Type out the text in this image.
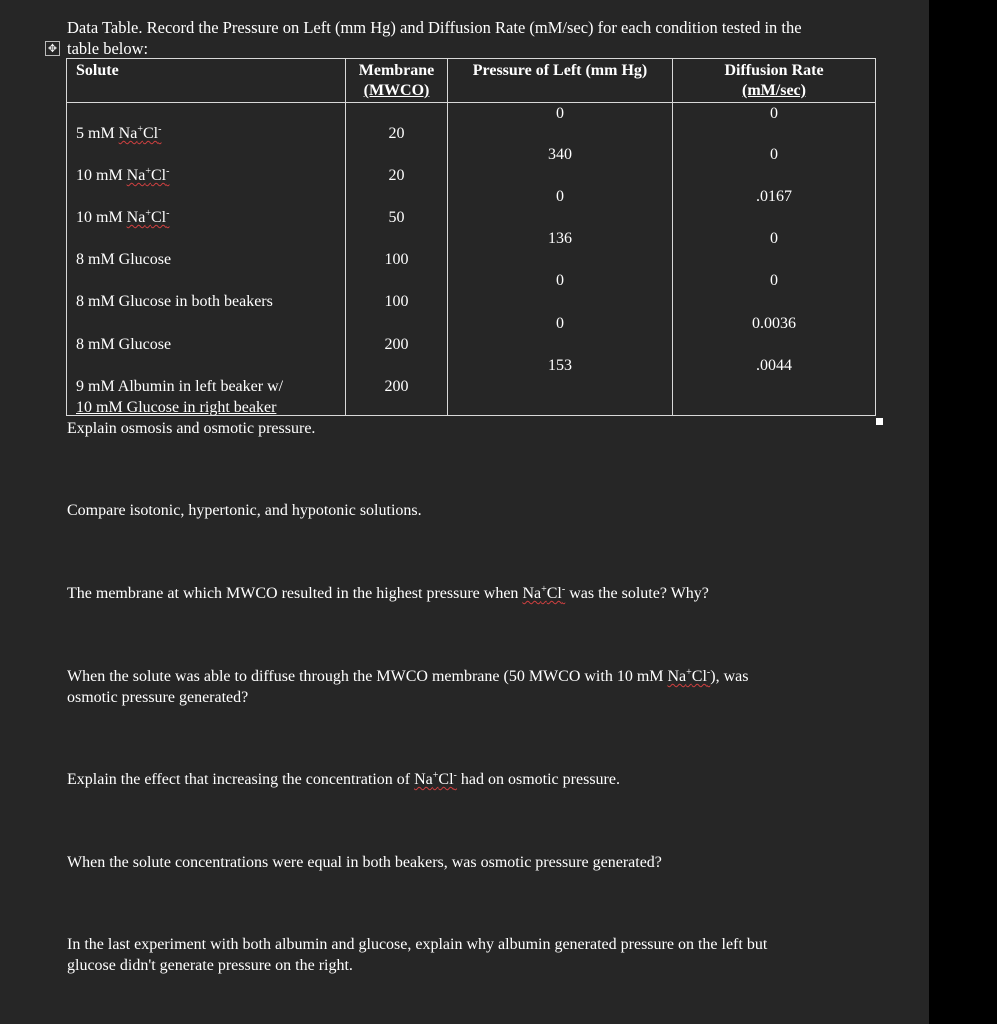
Data Table. Record the Pressure on Left (mm Hg) and Diffusion Rate (mM/sec) for each condition tested in the
table below:
✥
Solute	Membrane
(MWCO)
Pressure of Left (mm Hg)	Diffusion Rate
(mM/sec)
5 mM Na+Cl-
10 mM Na+Cl-
10 mM Na+Cl-
8 mM Glucose
8 mM Glucose in both beakers
8 mM Glucose
9 mM Albumin in left beaker w/
10 mM Glucose in right beaker
20
20
50
100
100
200
200
0
340
0
136
0
0
153
0
0
.0167
0
0
0.0036
.0044
Explain osmosis and osmotic pressure.
Compare isotonic, hypertonic, and hypotonic solutions.
The membrane at which MWCO resulted in the highest pressure when Na+Cl- was the solute? Why?
When the solute was able to diffuse through the MWCO membrane (50 MWCO with 10 mM Na+Cl-), was
osmotic pressure generated?
Explain the effect that increasing the concentration of Na+Cl- had on osmotic pressure.
When the solute concentrations were equal in both beakers, was osmotic pressure generated?
In the last experiment with both albumin and glucose, explain why albumin generated pressure on the left but
glucose didn't generate pressure on the right.
